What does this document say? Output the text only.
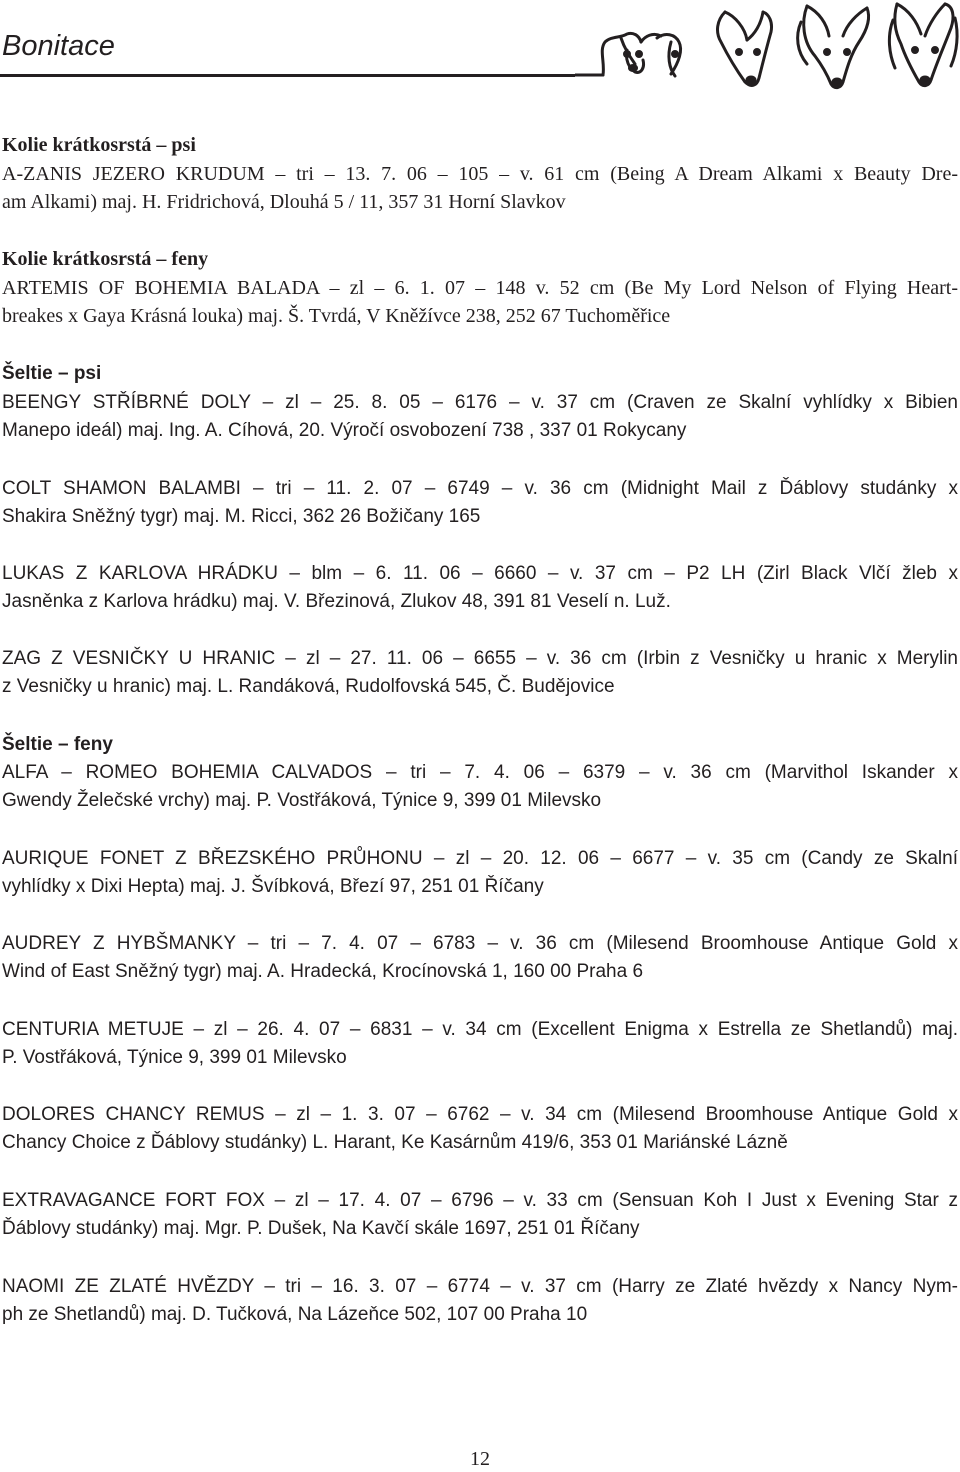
Bonitace

Kolie krátkosrstá – psi

A-ZANIS JEZERO KRUDUM – tri – 13. 7. 06 – 105 – v. 61 cm (Being A Dream Alkami x Beauty Dre-

am Alkami) maj. H. Fridrichová, Dlouhá 5 / 11, 357 31 Horní Slavkov

Kolie krátkosrstá – feny

ARTEMIS OF BOHEMIA BALADA – zl – 6. 1. 07 – 148 v. 52 cm (Be My Lord Nelson of Flying Heart-

breakes x Gaya Krásná louka) maj. Š. Tvrdá, V Kněžívce 238, 252 67 Tuchoměřice

Šeltie – psi

BEENGY STŘÍBRNÉ DOLY – zl – 25. 8. 05 – 6176 – v. 37 cm (Craven ze Skalní vyhlídky x Bibien

Manepo ideál) maj. Ing. A. Cíhová, 20. Výročí osvobození 738 , 337 01 Rokycany

COLT SHAMON BALAMBI – tri – 11. 2. 07 – 6749 – v. 36 cm (Midnight Mail z Ďáblovy studánky x

Shakira Sněžný tygr) maj. M. Ricci, 362 26 Božičany 165

LUKAS Z KARLOVA HRÁDKU – blm – 6. 11. 06 – 6660 – v. 37 cm – P2 LH (Zirl Black Vlčí žleb x

Jasněnka z Karlova hrádku) maj. V. Březinová, Zlukov 48, 391 81 Veselí n. Luž.

ZAG Z VESNIČKY U HRANIC – zl – 27. 11. 06 – 6655 – v. 36 cm (Irbin z Vesničky u hranic x Merylin

z Vesničky u hranic) maj. L. Randáková, Rudolfovská 545, Č. Budějovice

Šeltie – feny

ALFA – ROMEO BOHEMIA CALVADOS – tri – 7. 4. 06 – 6379 – v. 36 cm (Marvithol Iskander x

Gwendy Želečské vrchy) maj. P. Vostřáková, Týnice 9, 399 01 Milevsko

AURIQUE FONET Z BŘEZSKÉHO PRŮHONU – zl – 20. 12. 06 – 6677 – v. 35 cm (Candy ze Skalní

vyhlídky x Dixi Hepta) maj. J. Švíbková, Březí 97, 251 01 Říčany

AUDREY Z HYBŠMANKY – tri – 7. 4. 07 – 6783 – v. 36 cm (Milesend Broomhouse Antique Gold x

Wind of East Sněžný tygr) maj. A. Hradecká, Krocínovská 1, 160 00 Praha 6

CENTURIA METUJE – zl – 26. 4. 07 – 6831 – v. 34 cm (Excellent Enigma x Estrella ze Shetlandů) maj.

P. Vostřáková, Týnice 9, 399 01 Milevsko

DOLORES CHANCY REMUS – zl – 1. 3. 07 – 6762 – v. 34 cm (Milesend Broomhouse Antique Gold x

Chancy Choice z Ďáblovy studánky) L. Harant, Ke Kasárnům 419/6, 353 01 Mariánské Lázně

EXTRAVAGANCE FORT FOX – zl – 17. 4. 07 – 6796 – v. 33 cm (Sensuan Koh I Just x Evening Star z

Ďáblovy studánky) maj. Mgr. P. Dušek, Na Kavčí skále 1697, 251 01 Říčany

NAOMI ZE ZLATÉ HVĚZDY – tri – 16. 3. 07 – 6774 – v. 37 cm (Harry ze Zlaté hvězdy x Nancy Nym-

ph ze Shetlandů) maj. D. Tučková, Na Lázeňce 502, 107 00 Praha 10

12
